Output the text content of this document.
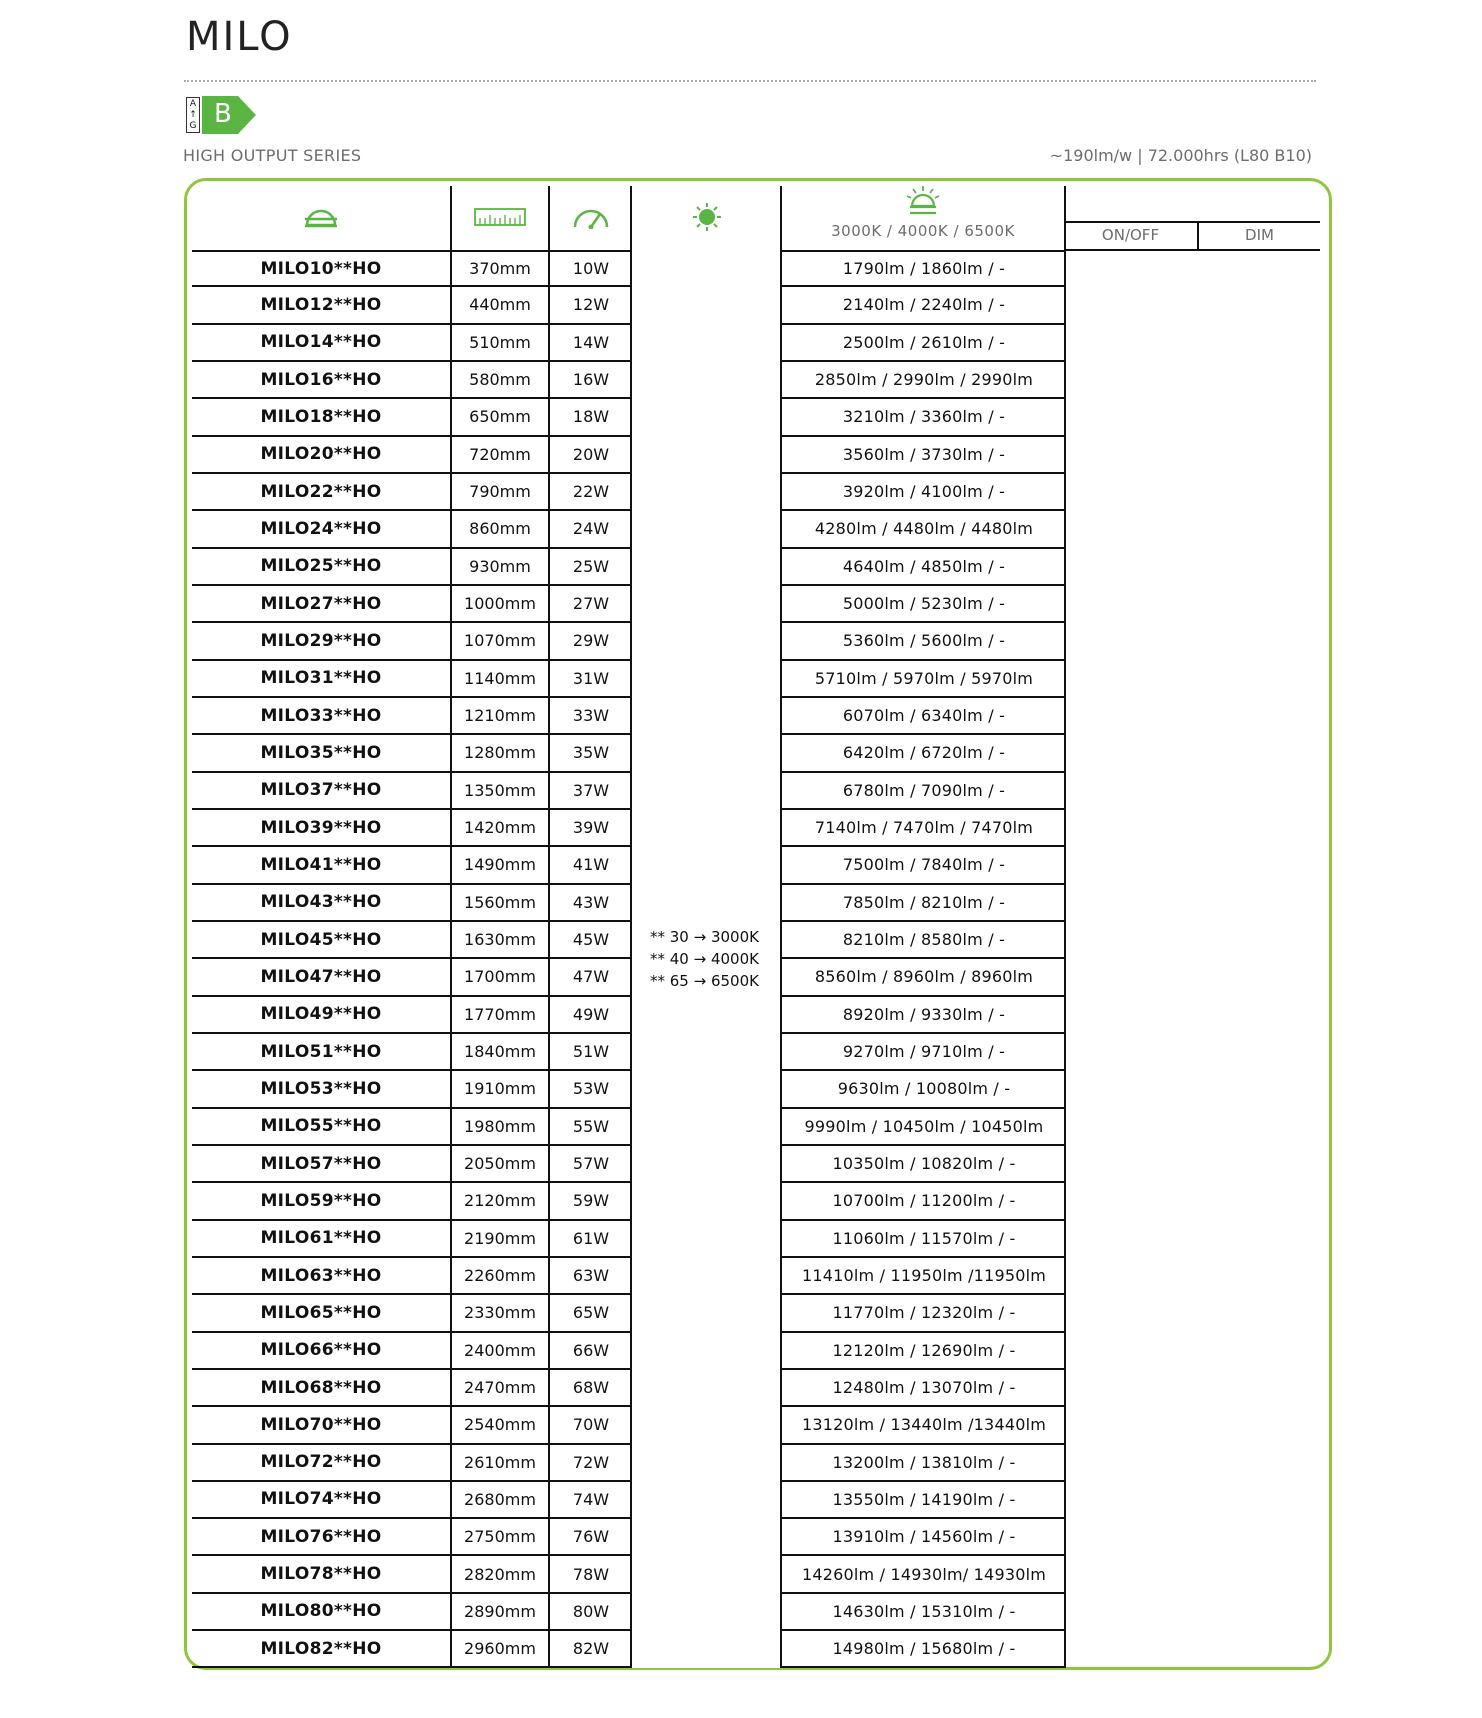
MILO
A
↑
G B
HIGH OUTPUT SERIES	~190lm/w | 72.000hrs (L80 B10)
3000K / 4000K / 6500K	ON/OFF	DIM
MILO10**HO	370mm	10W	1790lm / 1860lm / -
MILO12**HO	440mm	12W	2140lm / 2240lm / -
MILO14**HO	510mm	14W	2500lm / 2610lm / -
MILO16**HO	580mm	16W	2850lm / 2990lm / 2990lm
MILO18**HO	650mm	18W	3210lm / 3360lm / -
MILO20**HO	720mm	20W	3560lm / 3730lm / -
MILO22**HO	790mm	22W	3920lm / 4100lm / -
MILO24**HO	860mm	24W	4280lm / 4480lm / 4480lm
MILO25**HO	930mm	25W	4640lm / 4850lm / -
MILO27**HO	1000mm	27W	5000lm / 5230lm / -
MILO29**HO	1070mm	29W	5360lm / 5600lm / -
MILO31**HO	1140mm	31W	5710lm / 5970lm / 5970lm
MILO33**HO	1210mm	33W	6070lm / 6340lm / -
MILO35**HO	1280mm	35W	6420lm / 6720lm / -
MILO37**HO	1350mm	37W	6780lm / 7090lm / -
MILO39**HO	1420mm	39W	7140lm / 7470lm / 7470lm
MILO41**HO	1490mm	41W	7500lm / 7840lm / -
MILO43**HO	1560mm	43W	7850lm / 8210lm / -
MILO45**HO	1630mm	45W	8210lm / 8580lm / -
MILO47**HO	1700mm	47W	8560lm / 8960lm / 8960lm
MILO49**HO	1770mm	49W	8920lm / 9330lm / -
MILO51**HO	1840mm	51W	9270lm / 9710lm / -
MILO53**HO	1910mm	53W	9630lm / 10080lm / -
MILO55**HO	1980mm	55W	9990lm / 10450lm / 10450lm
MILO57**HO	2050mm	57W	10350lm / 10820lm / -
MILO59**HO	2120mm	59W	10700lm / 11200lm / -
MILO61**HO	2190mm	61W	11060lm / 11570lm / -
MILO63**HO	2260mm	63W	11410lm / 11950lm /11950lm
MILO65**HO	2330mm	65W	11770lm / 12320lm / -
MILO66**HO	2400mm	66W	12120lm / 12690lm / -
MILO68**HO	2470mm	68W	12480lm / 13070lm / -
MILO70**HO	2540mm	70W	13120lm / 13440lm /13440lm
MILO72**HO	2610mm	72W	13200lm / 13810lm / -
MILO74**HO	2680mm	74W	13550lm / 14190lm / -
MILO76**HO	2750mm	76W	13910lm / 14560lm / -
MILO78**HO	2820mm	78W	14260lm / 14930lm/ 14930lm
MILO80**HO	2890mm	80W	14630lm / 15310lm / -
MILO82**HO	2960mm	82W	14980lm / 15680lm / -
** 30 → 3000K
** 40 → 4000K
** 65 → 6500K
